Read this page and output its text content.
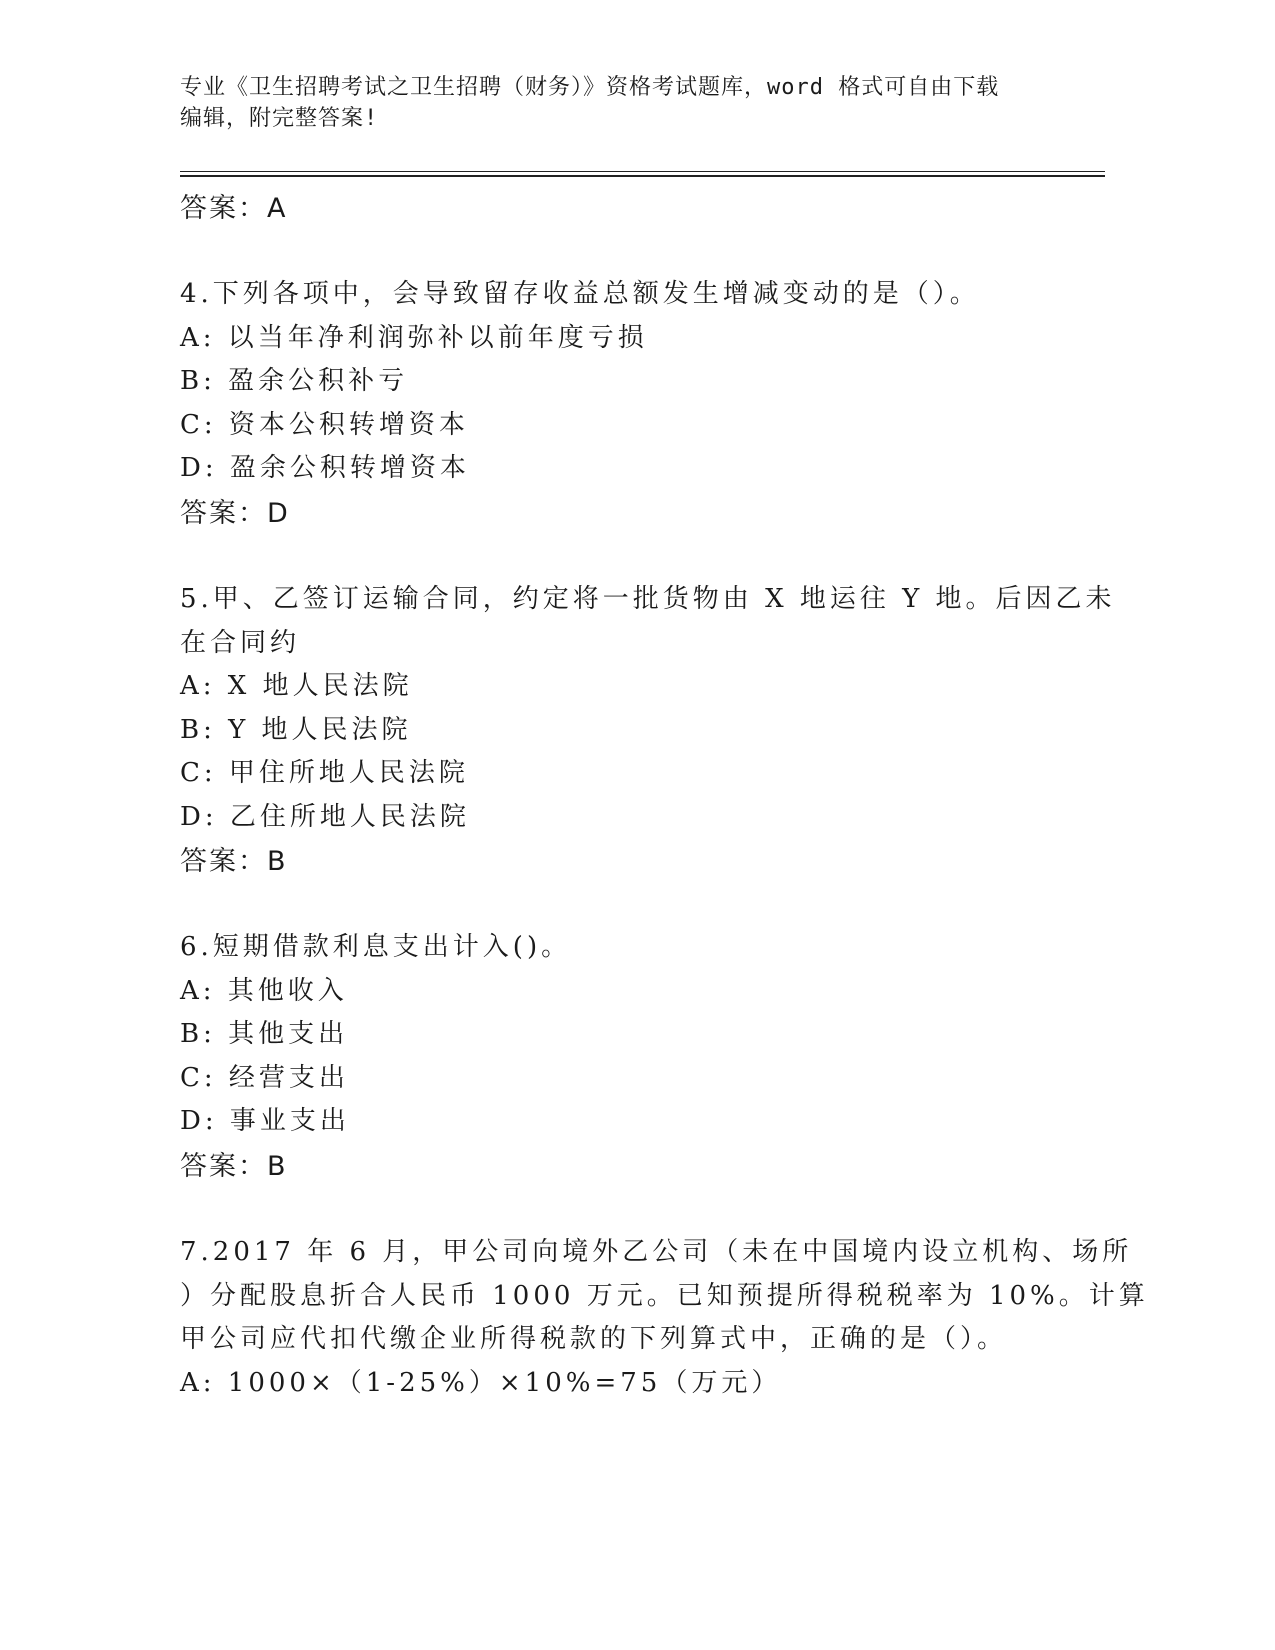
专业《卫生招聘考试之卫生招聘（财务）》资格考试题库，word 格式可自由下载
编辑，附完整答案!
答案：A
4.下列各项中，会导致留存收益总额发生增减变动的是（）。
A: 以当年净利润弥补以前年度亏损
B: 盈余公积补亏
C: 资本公积转增资本
D: 盈余公积转增资本
答案：D
5.甲、乙签订运输合同，约定将一批货物由 X 地运往 Y 地。后因乙未
在合同约
A: X 地人民法院
B: Y 地人民法院
C: 甲住所地人民法院
D: 乙住所地人民法院
答案：B
6.短期借款利息支出计入()。
A: 其他收入
B: 其他支出
C: 经营支出
D: 事业支出
答案：B
7.2017 年 6 月，甲公司向境外乙公司（未在中国境内设立机构、场所
）分配股息折合人民币 1000 万元。已知预提所得税税率为 10%。计算
甲公司应代扣代缴企业所得税款的下列算式中，正确的是（）。
A: 1000×（1-25%）×10%=75（万元）
